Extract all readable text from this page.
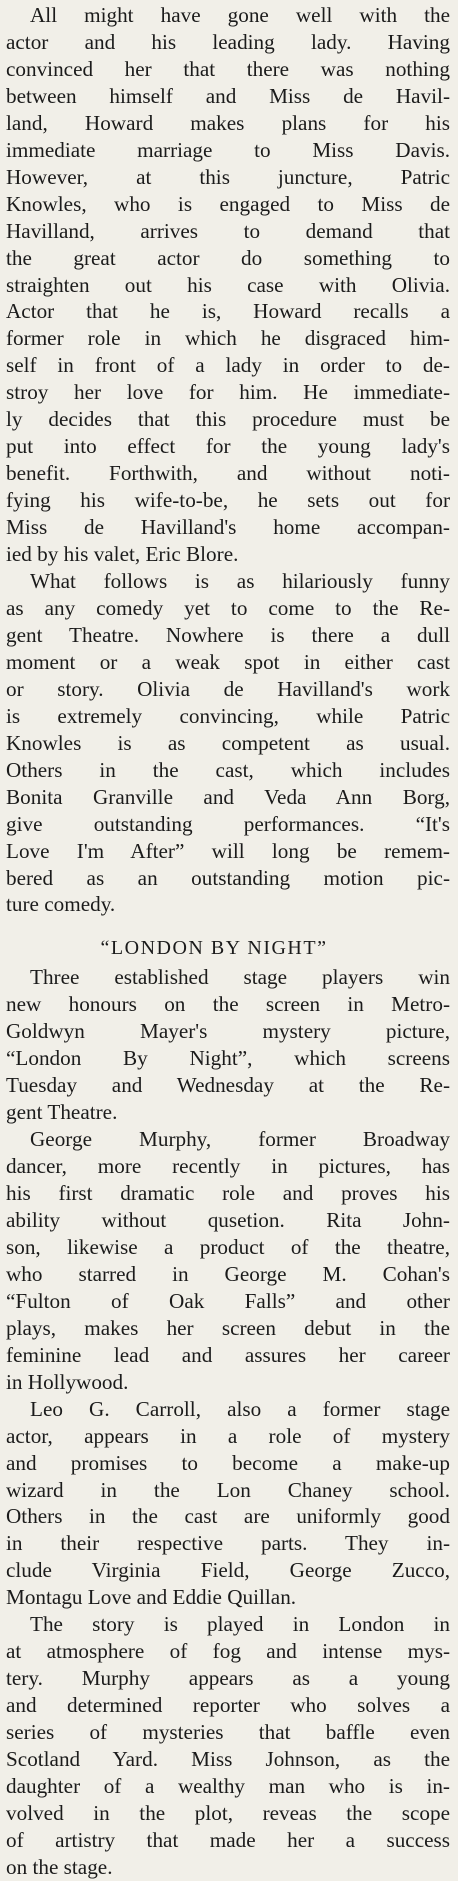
All might have gone well with the
actor and his leading lady. Having
convinced her that there was nothing
between himself and Miss de Havil-
land, Howard makes plans for his
immediate marriage to Miss Davis.
However, at this juncture, Patric
Knowles, who is engaged to Miss de
Havilland, arrives to demand that
the great actor do something to
straighten out his case with Olivia.
Actor that he is, Howard recalls a
former role in which he disgraced him-
self in front of a lady in order to de-
stroy her love for him. He immediate-
ly decides that this procedure must be
put into effect for the young lady's
benefit. Forthwith, and without noti-
fying his wife-to-be, he sets out for
Miss de Havilland's home accompan-
ied by his valet, Eric Blore.
What follows is as hilariously funny
as any comedy yet to come to the Re-
gent Theatre. Nowhere is there a dull
moment or a weak spot in either cast
or story. Olivia de Havilland's work
is extremely convincing, while Patric
Knowles is as competent as usual.
Others in the cast, which includes
Bonita Granville and Veda Ann Borg,
give outstanding performances. “It's
Love I'm After” will long be remem-
bered as an outstanding motion pic-
ture comedy.
“LONDON BY NIGHT”
Three established stage players win
new honours on the screen in Metro-
Goldwyn Mayer's mystery picture,
“London By Night”, which screens
Tuesday and Wednesday at the Re-
gent Theatre.
George Murphy, former Broadway
dancer, more recently in pictures, has
his first dramatic role and proves his
ability without qusetion. Rita John-
son, likewise a product of the theatre,
who starred in George M. Cohan's
“Fulton of Oak Falls” and other
plays, makes her screen debut in the
feminine lead and assures her career
in Hollywood.
Leo G. Carroll, also a former stage
actor, appears in a role of mystery
and promises to become a make-up
wizard in the Lon Chaney school.
Others in the cast are uniformly good
in their respective parts. They in-
clude Virginia Field, George Zucco,
Montagu Love and Eddie Quillan.
The story is played in London in
at atmosphere of fog and intense mys-
tery. Murphy appears as a young
and determined reporter who solves a
series of mysteries that baffle even
Scotland Yard. Miss Johnson, as the
daughter of a wealthy man who is in-
volved in the plot, reveas the scope
of artistry that made her a success
on the stage.
